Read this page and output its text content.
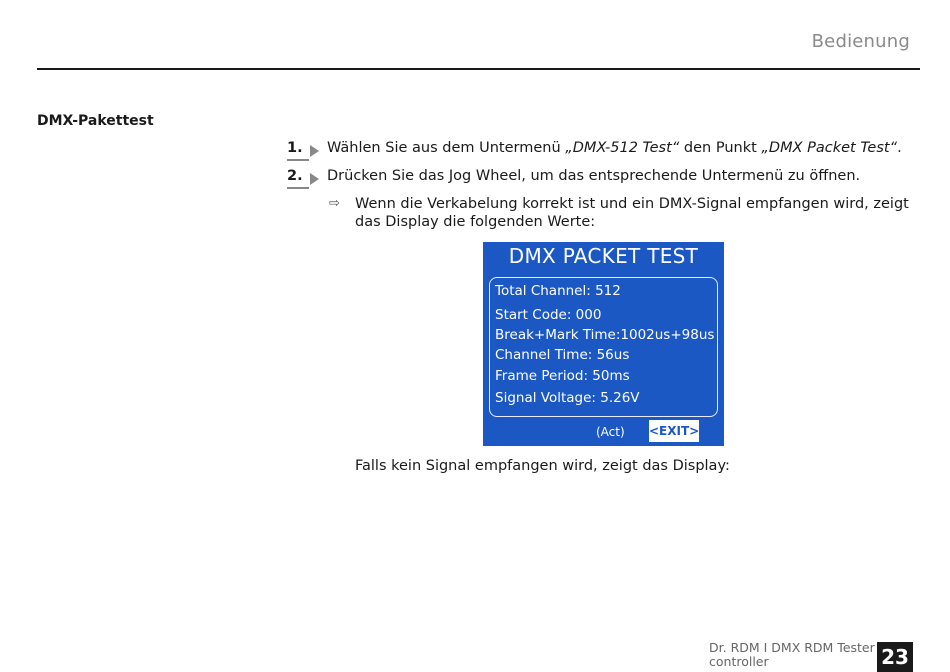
Bedienung
DMX-Pakettest
1.	Wählen Sie aus dem Untermenü „DMX-512 Test“ den Punkt „DMX Packet Test“.
2.	Drücken Sie das Jog Wheel, um das entsprechende Untermenü zu öffnen.
⇨	Wenn die Verkabelung korrekt ist und ein DMX-Signal empfangen wird, zeigt das Display die folgenden Werte:
DMX PACKET TEST
Total Channel: 512
Start Code: 000
Break+Mark Time:1002us+98us
Channel Time: 56us
Frame Period: 50ms
Signal Voltage: 5.26V
(Act) <EXIT>
Falls kein Signal empfangen wird, zeigt das Display:
Dr. RDM I DMX RDM Tester
controller	23
